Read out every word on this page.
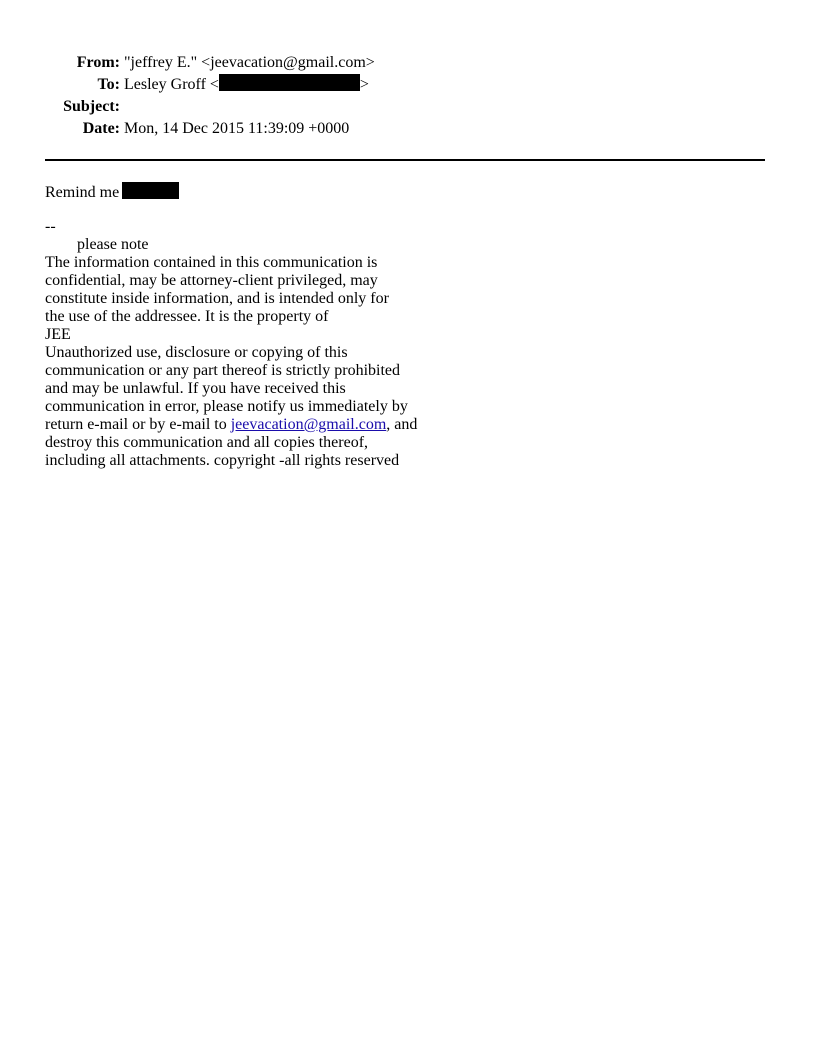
From:	"jeffrey E." <jeevacation@gmail.com>
To:	Lesley Groff < >
Subject:	
Date:	Mon, 14 Dec 2015 11:39:09 +0000
Remind me
--
please note
The information contained in this communication is
confidential, may be attorney-client privileged, may
constitute inside information, and is intended only for
the use of the addressee. It is the property of
JEE
Unauthorized use, disclosure or copying of this
communication or any part thereof is strictly prohibited
and may be unlawful. If you have received this
communication in error, please notify us immediately by
return e-mail or by e-mail to jeevacation@gmail.com, and
destroy this communication and all copies thereof,
including all attachments. copyright -all rights reserved
